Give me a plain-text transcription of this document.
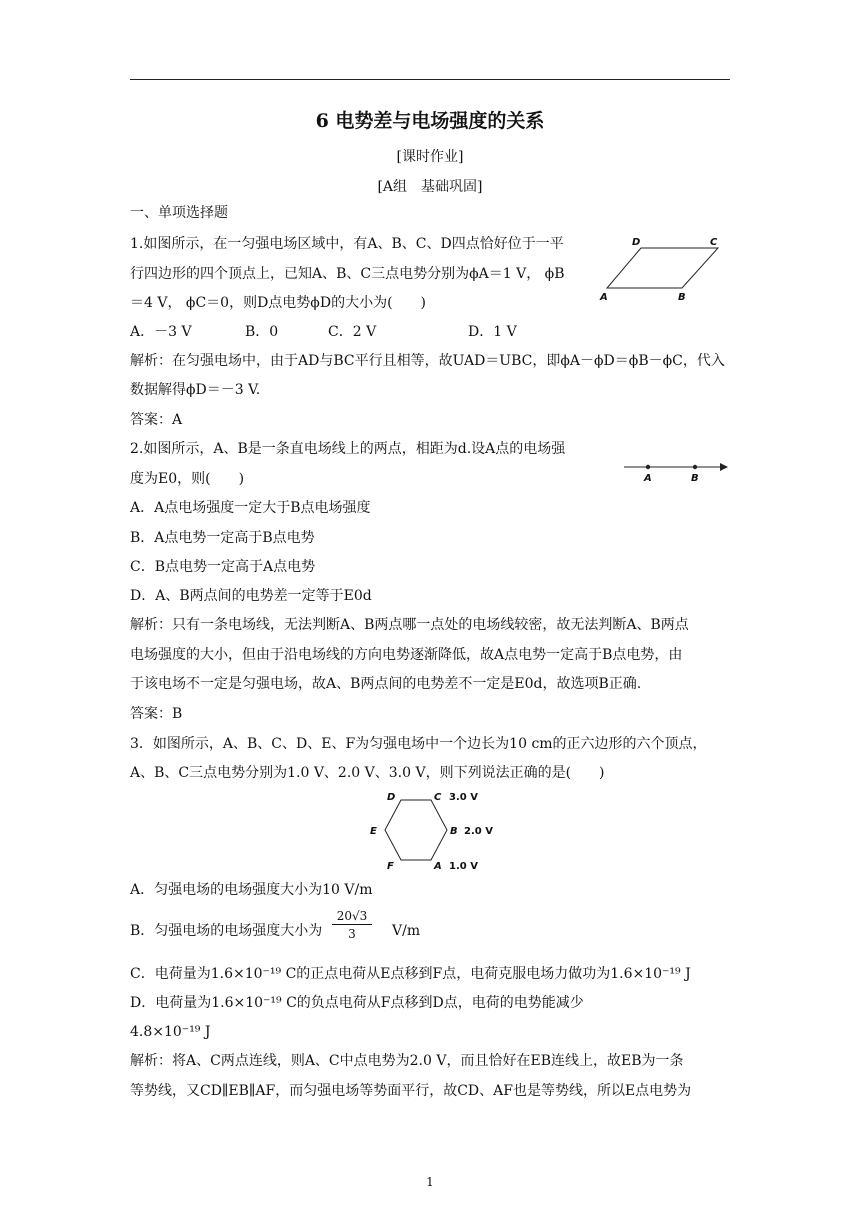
6 电势差与电场强度的关系
[课时作业]
[A组　基础巩固]
一、单项选择题
1.如图所示，在一匀强电场区域中，有A、B、C、D四点恰好位于一平
行四边形的四个顶点上，已知A、B、C三点电势分别为ϕA＝1 V， ϕB
＝4 V， ϕC＝0，则D点电势ϕD的大小为(　　)
A．－3 V	B．0	C．2 V	D．1 V
解析：在匀强电场中，由于AD与BC平行且相等，故UAD＝UBC，即ϕA－ϕD＝ϕB－ϕC，代入
数据解得ϕD＝－3 V.
答案：A
D	C
A	B
2.如图所示，A、B是一条直电场线上的两点，相距为d.设A点的电场强
度为E0，则(　　)
A．A点电场强度一定大于B点电场强度
B．A点电势一定高于B点电势
C．B点电势一定高于A点电势
D．A、B两点间的电势差一定等于E0d
解析：只有一条电场线，无法判断A、B两点哪一点处的电场线较密，故无法判断A、B两点
电场强度的大小，但由于沿电场线的方向电势逐渐降低，故A点电势一定高于B点电势，由
于该电场不一定是匀强电场，故A、B两点间的电势差不一定是E0d，故选项B正确.
答案：B
A	B
3．如图所示，A、B、C、D、E、F为匀强电场中一个边长为10 cm的正六边形的六个顶点，
A、B、C三点电势分别为1.0 V、2.0 V、3.0 V，则下列说法正确的是(　　)
D	C
E	B
F	A
3.0 V
2.0 V
1.0 V
A．匀强电场的电场强度大小为10 V/m
B．匀强电场的电场强度大小为 $\frac{20√3}{3} V/m$
C．电荷量为1.6×10⁻¹⁹ C的正点电荷从E点移到F点，电荷克服电场力做功为1.6×10⁻¹⁹ J
D．电荷量为1.6×10⁻¹⁹ C的负点电荷从F点移到D点，电荷的电势能减少
4.8×10⁻¹⁹ J
解析：将A、C两点连线，则A、C中点电势为2.0 V，而且恰好在EB连线上，故EB为一条
等势线，又CD∥EB∥AF，而匀强电场等势面平行，故CD、AF也是等势线，所以E点电势为
1
